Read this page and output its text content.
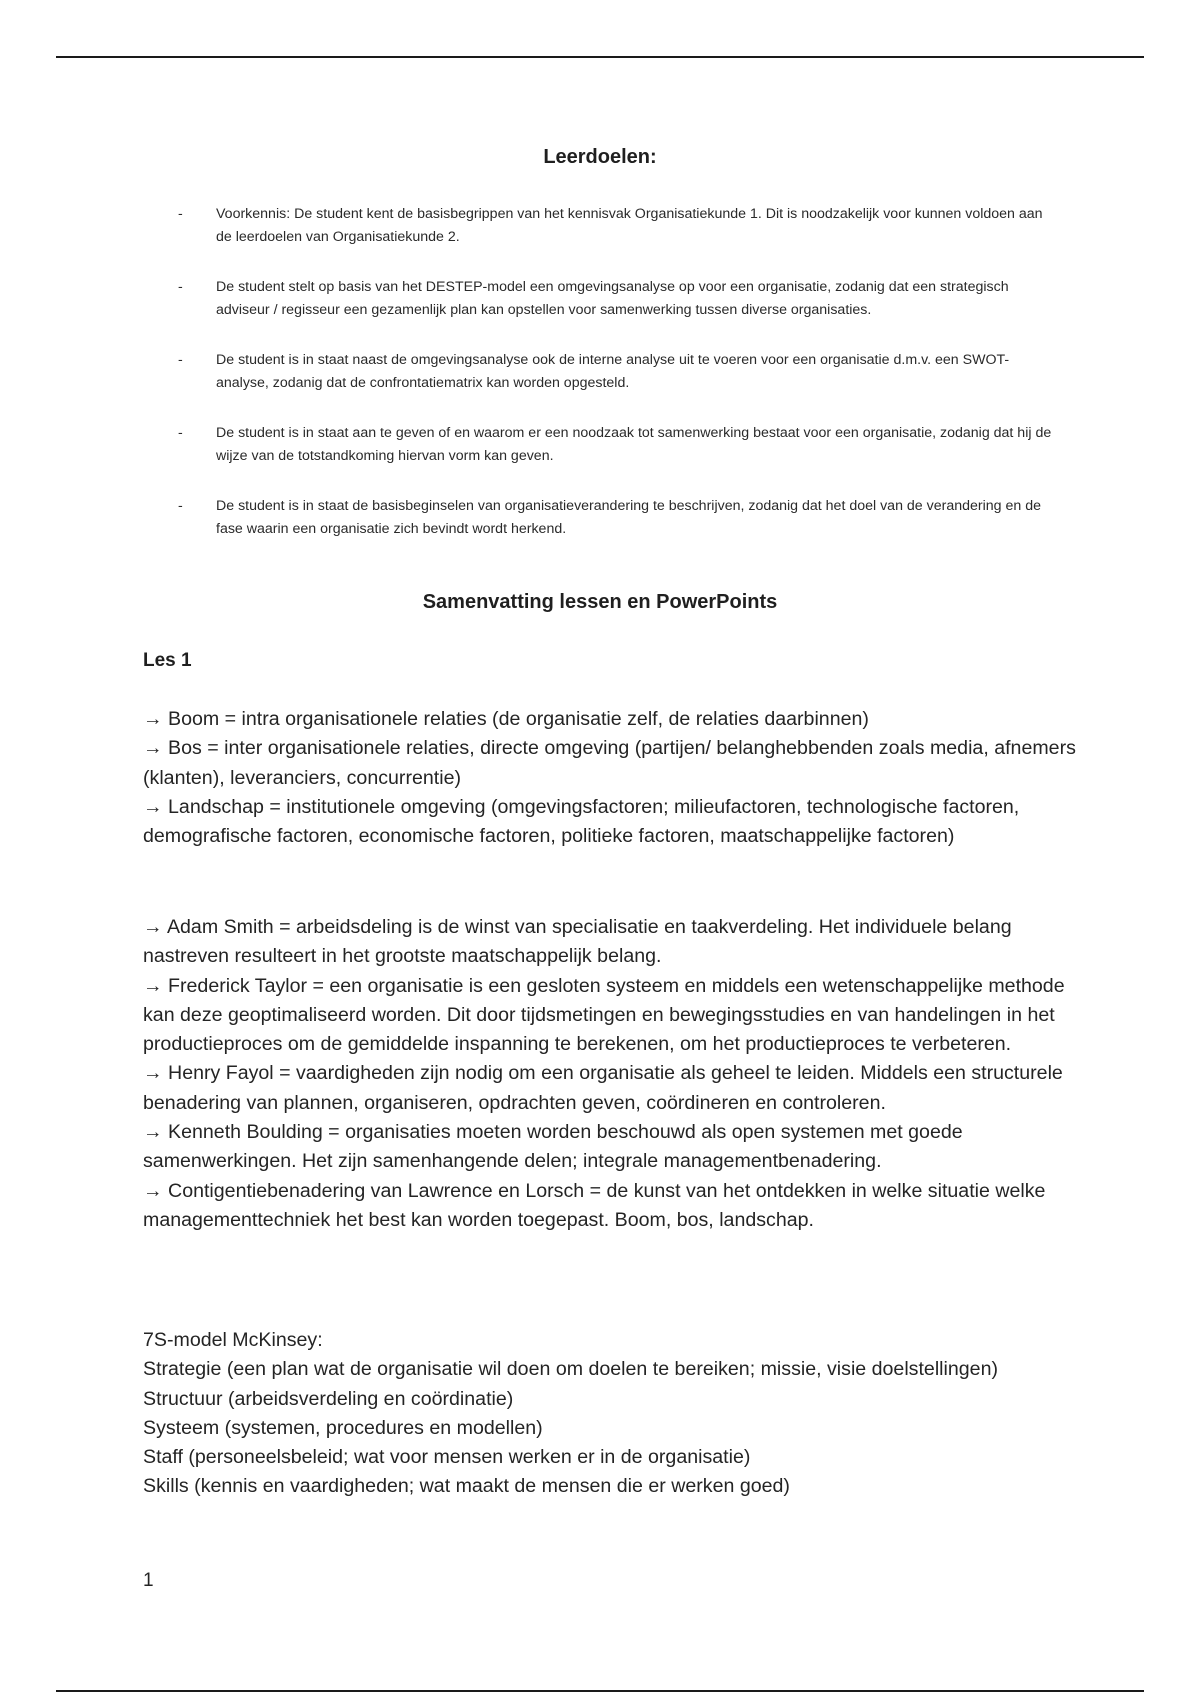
Leerdoelen:
- Voorkennis: De student kent de basisbegrippen van het kennisvak Organisatiekunde 1. Dit is noodzakelijk voor kunnen voldoen aan de leerdoelen van Organisatiekunde 2.
- De student stelt op basis van het DESTEP-model een omgevingsanalyse op voor een organisatie, zodanig dat een strategisch adviseur / regisseur een gezamenlijk plan kan opstellen voor samenwerking tussen diverse organisaties.
- De student is in staat naast de omgevingsanalyse ook de interne analyse uit te voeren voor een organisatie d.m.v. een SWOT- analyse, zodanig dat de confrontatiematrix kan worden opgesteld.
- De student is in staat aan te geven of en waarom er een noodzaak tot samenwerking bestaat voor een organisatie, zodanig dat hij de wijze van de totstandkoming hiervan vorm kan geven.
- De student is in staat de basisbeginselen van organisatieverandering te beschrijven, zodanig dat het doel van de verandering en de fase waarin een organisatie zich bevindt wordt herkend.
Samenvatting lessen en PowerPoints
Les 1

→ Boom = intra organisationele relaties (de organisatie zelf, de relaties daarbinnen)

→ Bos = inter organisationele relaties, directe omgeving (partijen/ belanghebbenden zoals media, afnemers (klanten), leveranciers, concurrentie)

→ Landschap = institutionele omgeving (omgevingsfactoren; milieufactoren, technologische factoren, demografische factoren, economische factoren, politieke factoren, maatschappelijke factoren)

→ Adam Smith = arbeidsdeling is de winst van specialisatie en taakverdeling. Het individuele belang nastreven resulteert in het grootste maatschappelijk belang.

→ Frederick Taylor = een organisatie is een gesloten systeem en middels een wetenschappelijke methode kan deze geoptimaliseerd worden. Dit door tijdsmetingen en bewegingsstudies en van handelingen in het productieproces om de gemiddelde inspanning te berekenen, om het productieproces te verbeteren.

→ Henry Fayol = vaardigheden zijn nodig om een organisatie als geheel te leiden. Middels een structurele benadering van plannen, organiseren, opdrachten geven, coördineren en controleren.

→ Kenneth Boulding = organisaties moeten worden beschouwd als open systemen met goede samenwerkingen. Het zijn samenhangende delen; integrale managementbenadering.

→ Contigentiebenadering van Lawrence en Lorsch = de kunst van het ontdekken in welke situatie welke managementtechniek het best kan worden toegepast. Boom, bos, landschap.

7S-model McKinsey:

Strategie (een plan wat de organisatie wil doen om doelen te bereiken; missie, visie doelstellingen)

Structuur (arbeidsverdeling en coördinatie)

Systeem (systemen, procedures en modellen)

Staff (personeelsbeleid; wat voor mensen werken er in de organisatie)

Skills (kennis en vaardigheden; wat maakt de mensen die er werken goed)

1
